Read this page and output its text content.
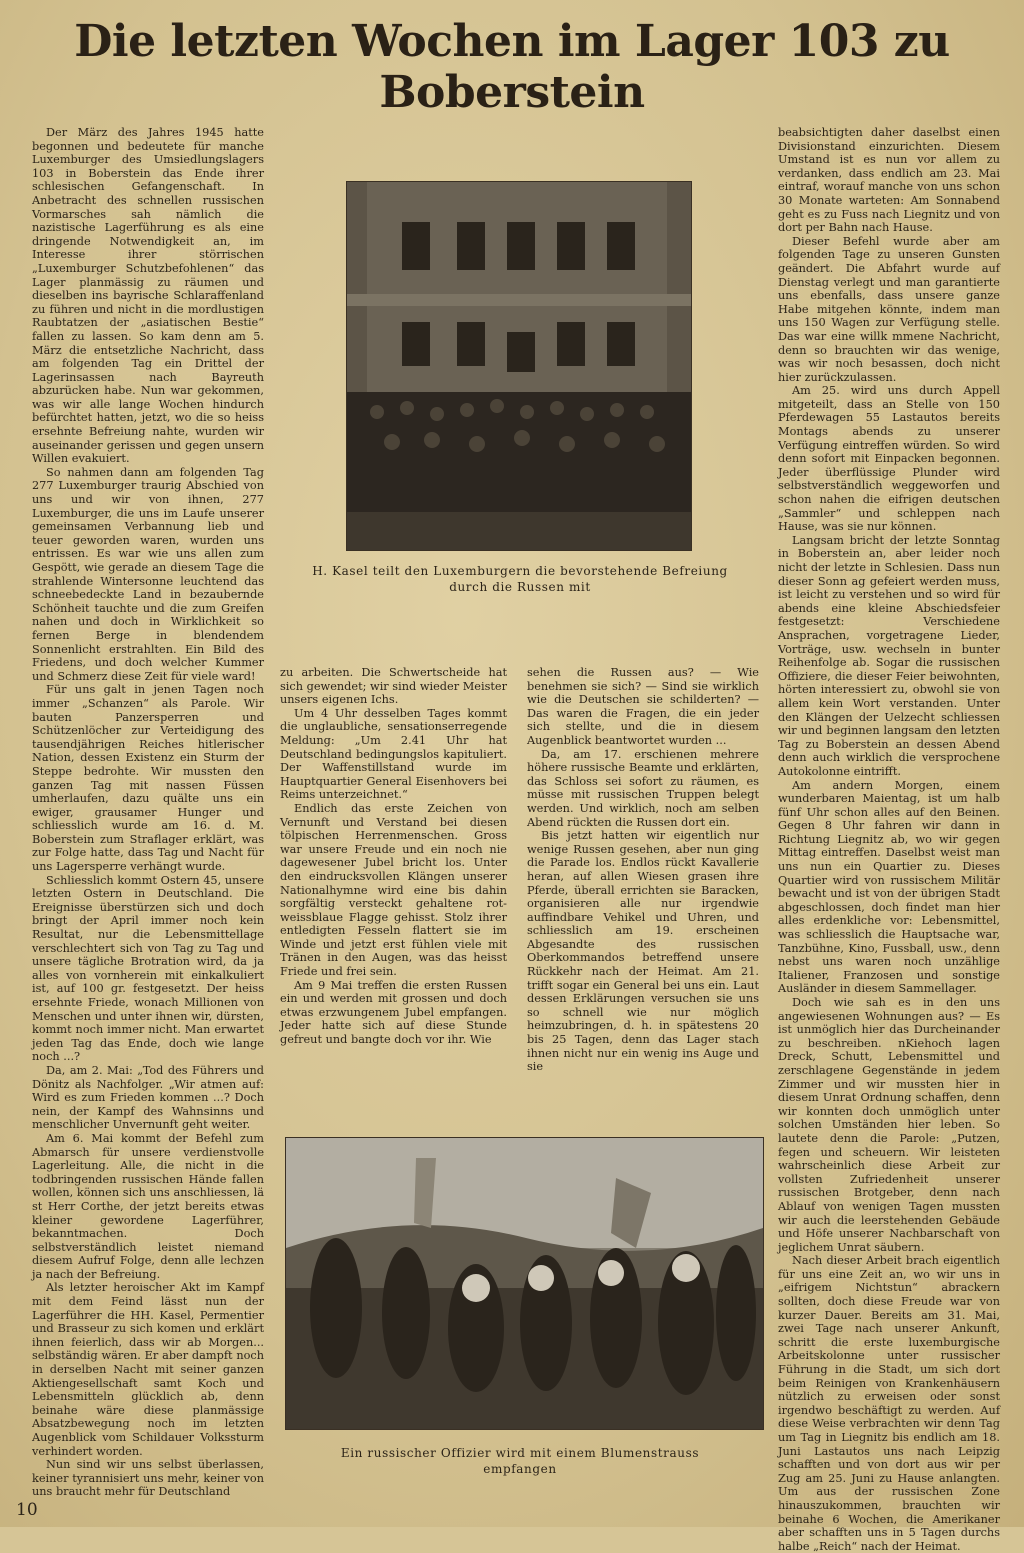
Die letzten Wochen im Lager 103 zu Boberstein

Der März des Jahres 1945 hatte begonnen und bedeutete für manche Luxemburger des Umsiedlungslagers 103 in Boberstein das Ende ihrer schlesischen Gefangenschaft. In Anbetracht des schnellen russischen Vormarsches sah nämlich die nazistische Lagerführung es als eine dringende Notwendigkeit an, im Interesse ihrer störrischen „Luxemburger Schutzbefohlenen“ das Lager planmässig zu räumen und dieselben ins bayrische Schlaraffenland zu führen und nicht in die mordlustigen Raubtatzen der „asiatischen Bestie“ fallen zu lassen. So kam denn am 5. März die entsetzliche Nachricht, dass am folgenden Tag ein Drittel der Lagerinsassen nach Bayreuth abzurücken habe. Nun war gekommen, was wir alle lange Wochen hindurch befürchtet hatten, jetzt, wo die so heiss ersehnte Befreiung nahte, wurden wir auseinander gerissen und gegen unsern Willen evakuiert.

So nahmen dann am folgenden Tag 277 Luxemburger traurig Abschied von uns und wir von ihnen, 277 Luxemburger, die uns im Laufe unserer gemeinsamen Verbannung lieb und teuer geworden waren, wurden uns entrissen. Es war wie uns allen zum Gespött, wie gerade an diesem Tage die strahlende Wintersonne leuchtend das schneebedeckte Land in bezaubernde Schönheit tauchte und die zum Greifen nahen und doch in Wirklichkeit so fernen Berge in blendendem Sonnenlicht erstrahlten. Ein Bild des Friedens, und doch welcher Kummer und Schmerz diese Zeit für viele ward!

Für uns galt in jenen Tagen noch immer „Schanzen“ als Parole. Wir bauten Panzersperren und Schützenlöcher zur Verteidigung des tausendjährigen Reiches hitlerischer Nation, dessen Existenz ein Sturm der Steppe bedrohte. Wir mussten den ganzen Tag mit nassen Füssen umherlaufen, dazu quälte uns ein ewiger, grausamer Hunger und schliesslich wurde am 16. d. M. Boberstein zum Straflager erklärt, was zur Folge hatte, dass Tag und Nacht für uns Lagersperre verhängt wurde.

Schliesslich kommt Ostern 45, unsere letzten Ostern in Deutschland. Die Ereignisse überstürzen sich und doch bringt der April immer noch kein Resultat, nur die Lebensmittellage verschlechtert sich von Tag zu Tag und unsere tägliche Brotration wird, da ja alles von vornherein mit einkalkuliert ist, auf 100 gr. festgesetzt. Der heiss ersehnte Friede, wonach Millionen von Menschen und unter ihnen wir, dürsten, kommt noch immer nicht. Man erwartet jeden Tag das Ende, doch wie lange noch ...?

Da, am 2. Mai: „Tod des Führers und Dönitz als Nachfolger. „Wir atmen auf: Wird es zum Frieden kommen ...? Doch nein, der Kampf des Wahnsinns und menschlicher Unvernunft geht weiter.

Am 6. Mai kommt der Befehl zum Abmarsch für unsere verdienstvolle Lagerleitung. Alle, die nicht in die todbringenden russischen Hände fallen wollen, können sich uns anschliessen, lä st Herr Corthe, der jetzt bereits etwas kleiner gewordene Lagerführer, bekanntmachen. Doch selbstverständlich leistet niemand diesem Aufruf Folge, denn alle lechzen ja nach der Befreiung.

Als letzter heroischer Akt im Kampf mit dem Feind lässt nun der Lagerführer die HH. Kasel, Permentier und Brasseur zu sich komen und erklärt ihnen feierlich, dass wir ab Morgen... selbständig wären. Er aber dampft noch in derselben Nacht mit seiner ganzen Aktiengesellschaft samt Koch und Lebensmitteln glücklich ab, denn beinahe wäre diese planmässige Absatzbewegung noch im letzten Augenblick vom Schildauer Volkssturm verhindert worden.

Nun sind wir uns selbst überlassen, keiner tyrannisiert uns mehr, keiner von uns braucht mehr für Deutschland

H. Kasel teilt den Luxemburgern die bevorstehende Befreiung
durch die Russen mit

zu arbeiten. Die Schwertscheide hat sich gewendet; wir sind wieder Meister unsers eigenen Ichs.

Um 4 Uhr desselben Tages kommt die unglaubliche, sensationserregende Meldung: „Um 2.41 Uhr hat Deutschland bedingungslos kapituliert. Der Waffenstillstand wurde im Hauptquartier General Eisenhovers bei Reims unterzeichnet.“

Endlich das erste Zeichen von Vernunft und Verstand bei diesen tölpischen Herrenmenschen. Gross war unsere Freude und ein noch nie dagewesener Jubel bricht los. Unter den eindrucksvollen Klängen unserer Nationalhymne wird eine bis dahin sorgfältig versteckt gehaltene rot-weissblaue Flagge gehisst. Stolz ihrer entledigten Fesseln flattert sie im Winde und jetzt erst fühlen viele mit Tränen in den Augen, was das heisst Friede und frei sein.

Am 9 Mai treffen die ersten Russen ein und werden mit grossen und doch etwas erzwungenem Jubel empfangen. Jeder hatte sich auf diese Stunde gefreut und bangte doch vor ihr. Wie

sehen die Russen aus? — Wie benehmen sie sich? — Sind sie wirklich wie die Deutschen sie schilderten? — Das waren die Fragen, die ein jeder sich stellte, und die in diesem Augenblick beantwortet wurden ...

Da, am 17. erschienen mehrere höhere russische Beamte und erklärten, das Schloss sei sofort zu räumen, es müsse mit russischen Truppen belegt werden. Und wirklich, noch am selben Abend rückten die Russen dort ein.

Bis jetzt hatten wir eigentlich nur wenige Russen gesehen, aber nun ging die Parade los. Endlos rückt Kavallerie heran, auf allen Wiesen grasen ihre Pferde, überall errichten sie Baracken, organisieren alle nur irgendwie auffindbare Vehikel und Uhren, und schliesslich am 19. erscheinen Abgesandte des russischen Oberkommandos betreffend unsere Rückkehr nach der Heimat. Am 21. trifft sogar ein General bei uns ein. Laut dessen Erklärungen versuchen sie uns so schnell wie nur möglich heimzubringen, d. h. in spätestens 20 bis 25 Tagen, denn das Lager stach ihnen nicht nur ein wenig ins Auge und sie

Ein russischer Offizier wird mit einem Blumenstrauss
empfangen

beabsichtigten daher daselbst einen Divisionstand einzurichten. Diesem Umstand ist es nun vor allem zu verdanken, dass endlich am 23. Mai eintraf, worauf manche von uns schon 30 Monate warteten: Am Sonnabend geht es zu Fuss nach Liegnitz und von dort per Bahn nach Hause.

Dieser Befehl wurde aber am folgenden Tage zu unseren Gunsten geändert. Die Abfahrt wurde auf Dienstag verlegt und man garantierte uns ebenfalls, dass unsere ganze Habe mitgehen könnte, indem man uns 150 Wagen zur Verfügung stelle. Das war eine willk mmene Nachricht, denn so brauchten wir das wenige, was wir noch besassen, doch nicht hier zurückzulassen.

Am 25. wird uns durch Appell mitgeteilt, dass an Stelle von 150 Pferdewagen 55 Lastautos bereits Montags abends zu unserer Verfügung eintreffen würden. So wird denn sofort mit Einpacken begonnen. Jeder überflüssige Plunder wird selbstverständlich weggeworfen und schon nahen die eifrigen deutschen „Sammler“ und schleppen nach Hause, was sie nur können.

Langsam bricht der letzte Sonntag in Boberstein an, aber leider noch nicht der letzte in Schlesien. Dass nun dieser Sonn ag gefeiert werden muss, ist leicht zu verstehen und so wird für abends eine kleine Abschiedsfeier festgesetzt: Verschiedene Ansprachen, vorgetragene Lieder, Vorträge, usw. wechseln in bunter Reihenfolge ab. Sogar die russischen Offiziere, die dieser Feier beiwohnten, hörten interessiert zu, obwohl sie von allem kein Wort verstanden. Unter den Klängen der Uelzecht schliessen wir und beginnen langsam den letzten Tag zu Boberstein an dessen Abend denn auch wirklich die versprochene Autokolonne eintrifft.

Am andern Morgen, einem wunderbaren Maientag, ist um halb fünf Uhr schon alles auf den Beinen. Gegen 8 Uhr fahren wir dann in Richtung Liegnitz ab, wo wir gegen Mittag eintreffen. Daselbst weist man uns nun ein Quartier zu. Dieses Quartier wird von russischem Militär bewacht und ist von der übrigen Stadt abgeschlossen, doch findet man hier alles erdenkliche vor: Lebensmittel, was schliesslich die Hauptsache war, Tanzbühne, Kino, Fussball, usw., denn nebst uns waren noch unzählige Italiener, Franzosen und sonstige Ausländer in diesem Sammellager.

Doch wie sah es in den uns angewiesenen Wohnungen aus? — Es ist unmöglich hier das Durcheinander zu beschreiben. nKiehoch lagen Dreck, Schutt, Lebensmittel und zerschlagene Gegenstände in jedem Zimmer und wir mussten hier in diesem Unrat Ordnung schaffen, denn wir konnten doch unmöglich unter solchen Umständen hier leben. So lautete denn die Parole: „Putzen, fegen und scheuern. Wir leisteten wahrscheinlich diese Arbeit zur vollsten Zufriedenheit unserer russischen Brotgeber, denn nach Ablauf von wenigen Tagen mussten wir auch die leerstehenden Gebäude und Höfe unserer Nachbarschaft von jeglichem Unrat säubern.

Nach dieser Arbeit brach eigentlich für uns eine Zeit an, wo wir uns in „eifrigem Nichtstun“ abrackern sollten, doch diese Freude war von kurzer Dauer. Bereits am 31. Mai, zwei Tage nach unserer Ankunft, schritt die erste luxemburgische Arbeitskolonne unter russischer Führung in die Stadt, um sich dort beim Reinigen von Krankenhäusern nützlich zu erweisen oder sonst irgendwo beschäftigt zu werden. Auf diese Weise verbrachten wir denn Tag um Tag in Liegnitz bis endlich am 18. Juni Lastautos uns nach Leipzig schafften und von dort aus wir per Zug am 25. Juni zu Hause anlangten. Um aus der russischen Zone hinauszukommen, brauchten wir beinahe 6 Wochen, die Amerikaner aber schafften uns in 5 Tagen durchs halbe „Reich“ nach der Heimat.

10
